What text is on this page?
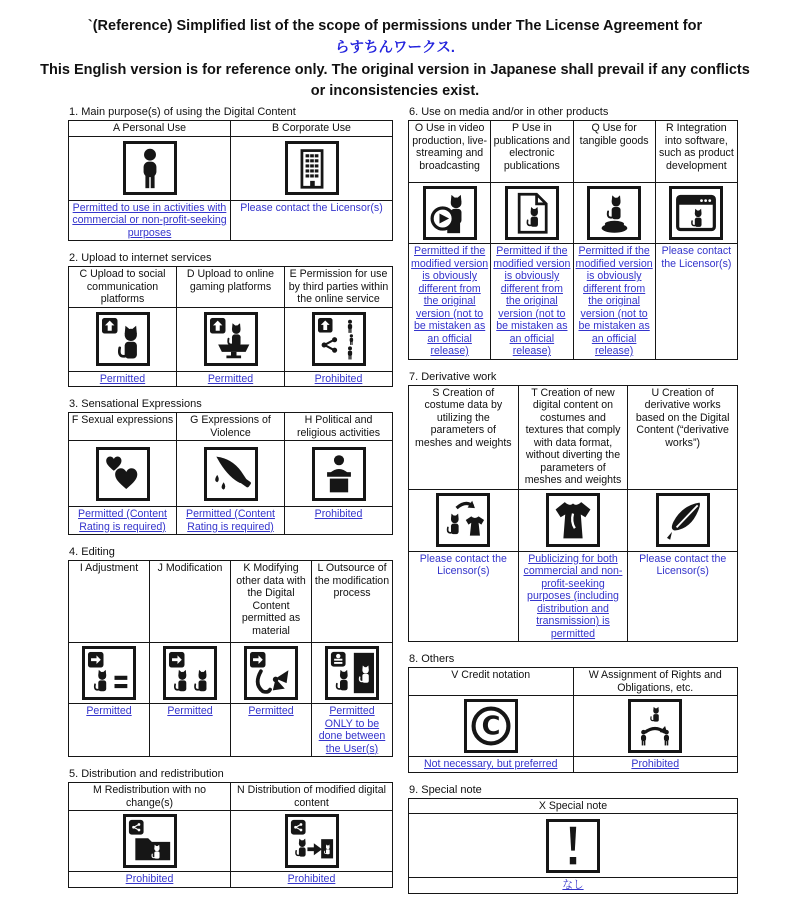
`(Reference) Simplified list of the scope of permissions under The License Agreement for
らすちんワークス.
This English version is for reference only. The original version in Japanese shall prevail if any conflicts or inconsistencies exist.
1. Main purpose(s) of using the Digital Content
A Personal Use	B Corporate Use

Permitted to use in activities with commercial or non-profit-seeking purposes	Please contact the Licensor(s)
2. Upload to internet services
C Upload to social communication platforms	D Upload to online gaming platforms	E Permission for use by third parties within the online service

Permitted	Permitted	Prohibited
3. Sensational Expressions
F Sexual expressions	G Expressions of Violence	H Political and religious activities

Permitted (Content Rating is required)	Permitted (Content Rating is required)	Prohibited
4. Editing
I Adjustment	J Modification	K Modifying other data with the Digital Content permitted as material	L Outsource of the modification process

Permitted	Permitted	Permitted	Permitted ONLY to be done between the User(s)
5. Distribution and redistribution
M Redistribution with no change(s)	N Distribution of modified digital content

Prohibited	Prohibited
6. Use on media and/or in other products
O Use in video production, live-streaming and broadcasting	P Use in publications and electronic publications	Q Use for tangible goods	R Integration into software, such as product development

Permitted if the modified version is obviously different from the original version (not to be mistaken as an official release)	Permitted if the modified version is obviously different from the original version (not to be mistaken as an official release)	Permitted if the modified version is obviously different from the original version (not to be mistaken as an official release)	Please contact the Licensor(s)
7. Derivative work
S Creation of costume data by utilizing the parameters of meshes and weights	T Creation of new digital content on costumes and textures that comply with data format, without diverting the parameters of meshes and weights	U Creation of derivative works based on the Digital Content (“derivative works”)

Please contact the Licensor(s)	Publicizing for both commercial and non-profit-seeking purposes (including distribution and transmission) is permitted	Please contact the Licensor(s)
8. Others
V Credit notation	W Assignment of Rights and Obligations, etc.

C

Not necessary, but preferred	Prohibited
9. Special note
X Special note

なし
